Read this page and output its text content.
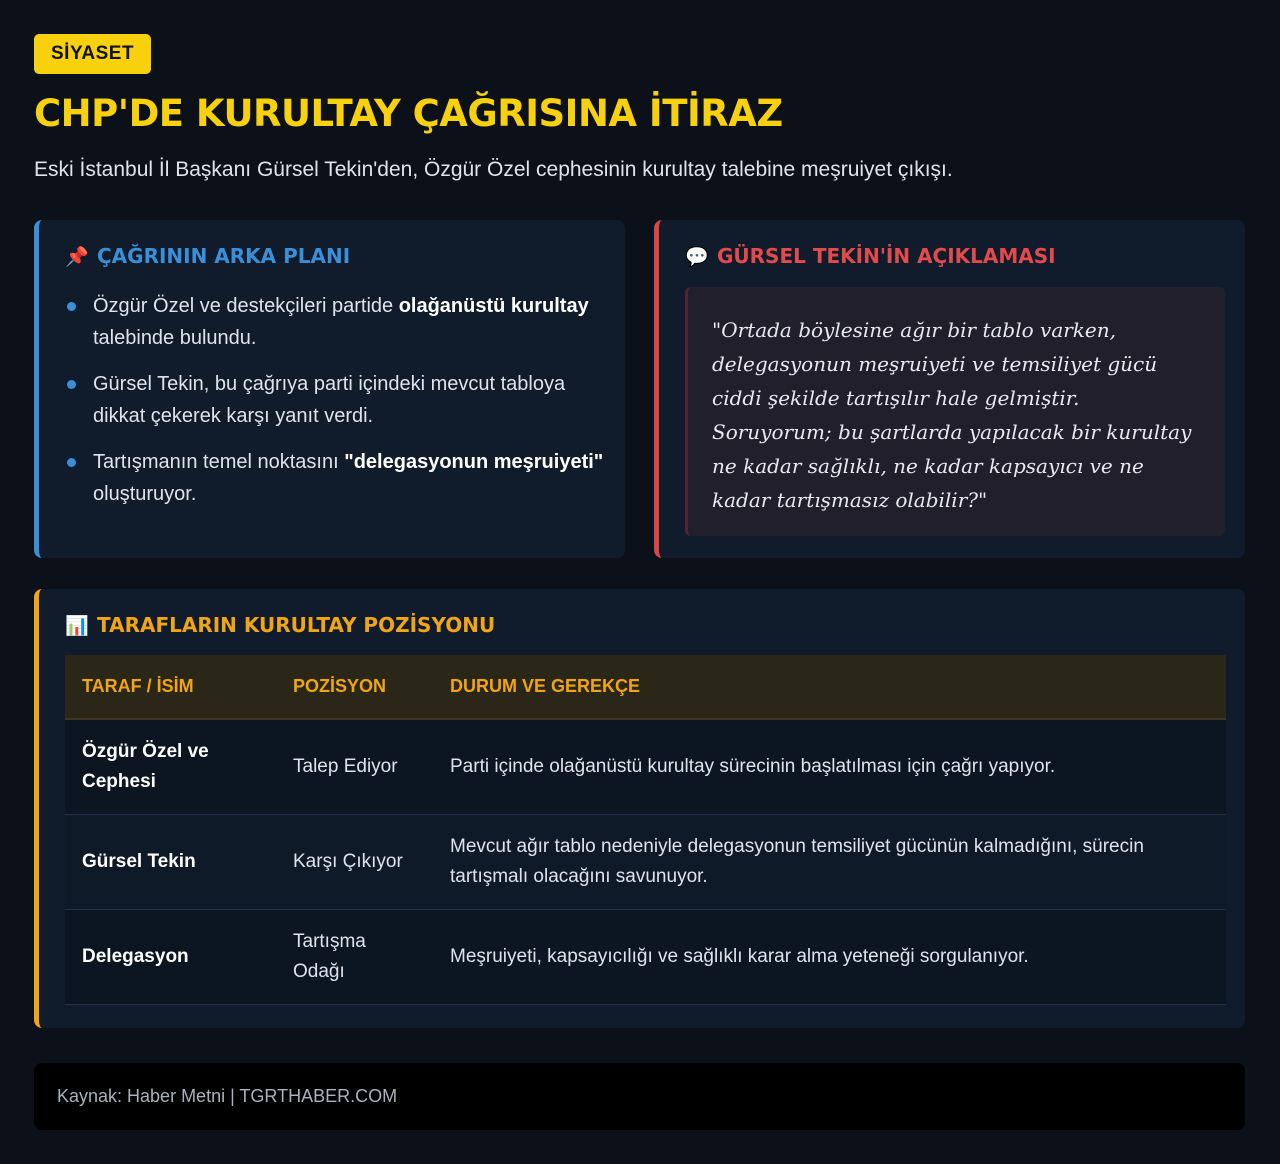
SİYASET
CHP'DE KURULTAY ÇAĞRISINA İTİRAZ

Eski İstanbul İl Başkanı Gürsel Tekin'den, Özgür Özel cephesinin kurultay talebine meşruiyet çıkışı.

📌 ÇAĞRININ ARKA PLANI
Özgür Özel ve destekçileri partide olağanüstü kurultay talebinde bulundu.
Gürsel Tekin, bu çağrıya parti içindeki mevcut tabloya dikkat çekerek karşı yanıt verdi.
Tartışmanın temel noktasını "delegasyonun meşruiyeti" oluşturuyor.
💬 GÜRSEL TEKİN'İN AÇIKLAMASI

"Ortada böylesine ağır bir tablo varken, delegasyonun meşruiyeti ve temsiliyet gücü ciddi şekilde tartışılır hale gelmiştir. Soruyorum; bu şartlarda yapılacak bir kurultay ne kadar sağlıklı, ne kadar kapsayıcı ve ne kadar tartışmasız olabilir?"

📊 TARAFLARIN KURULTAY POZİSYONU
TARAF / İSİM	POZİSYON	DURUM VE GEREKÇE
Özgür Özel ve Cephesi	Talep Ediyor	Parti içinde olağanüstü kurultay sürecinin başlatılması için çağrı yapıyor.
Gürsel Tekin	Karşı Çıkıyor	Mevcut ağır tablo nedeniyle delegasyonun temsiliyet gücünün kalmadığını, sürecin tartışmalı olacağını savunuyor.
Delegasyon	Tartışma Odağı	Meşruiyeti, kapsayıcılığı ve sağlıklı karar alma yeteneği sorgulanıyor.
Kaynak: Haber Metni | TGRTHABER.COM
